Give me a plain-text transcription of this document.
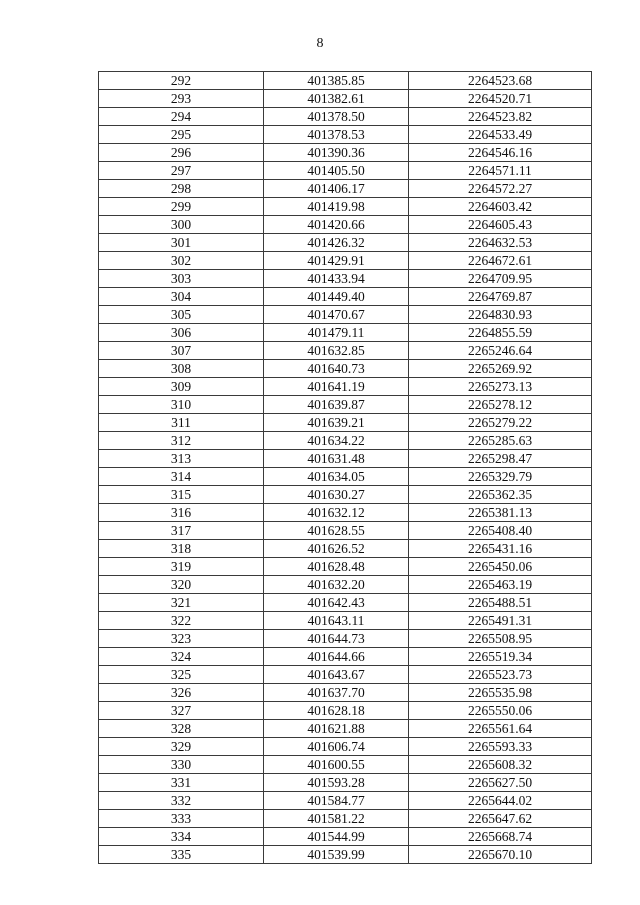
8
292	401385.85	2264523.68
293	401382.61	2264520.71
294	401378.50	2264523.82
295	401378.53	2264533.49
296	401390.36	2264546.16
297	401405.50	2264571.11
298	401406.17	2264572.27
299	401419.98	2264603.42
300	401420.66	2264605.43
301	401426.32	2264632.53
302	401429.91	2264672.61
303	401433.94	2264709.95
304	401449.40	2264769.87
305	401470.67	2264830.93
306	401479.11	2264855.59
307	401632.85	2265246.64
308	401640.73	2265269.92
309	401641.19	2265273.13
310	401639.87	2265278.12
311	401639.21	2265279.22
312	401634.22	2265285.63
313	401631.48	2265298.47
314	401634.05	2265329.79
315	401630.27	2265362.35
316	401632.12	2265381.13
317	401628.55	2265408.40
318	401626.52	2265431.16
319	401628.48	2265450.06
320	401632.20	2265463.19
321	401642.43	2265488.51
322	401643.11	2265491.31
323	401644.73	2265508.95
324	401644.66	2265519.34
325	401643.67	2265523.73
326	401637.70	2265535.98
327	401628.18	2265550.06
328	401621.88	2265561.64
329	401606.74	2265593.33
330	401600.55	2265608.32
331	401593.28	2265627.50
332	401584.77	2265644.02
333	401581.22	2265647.62
334	401544.99	2265668.74
335	401539.99	2265670.10
